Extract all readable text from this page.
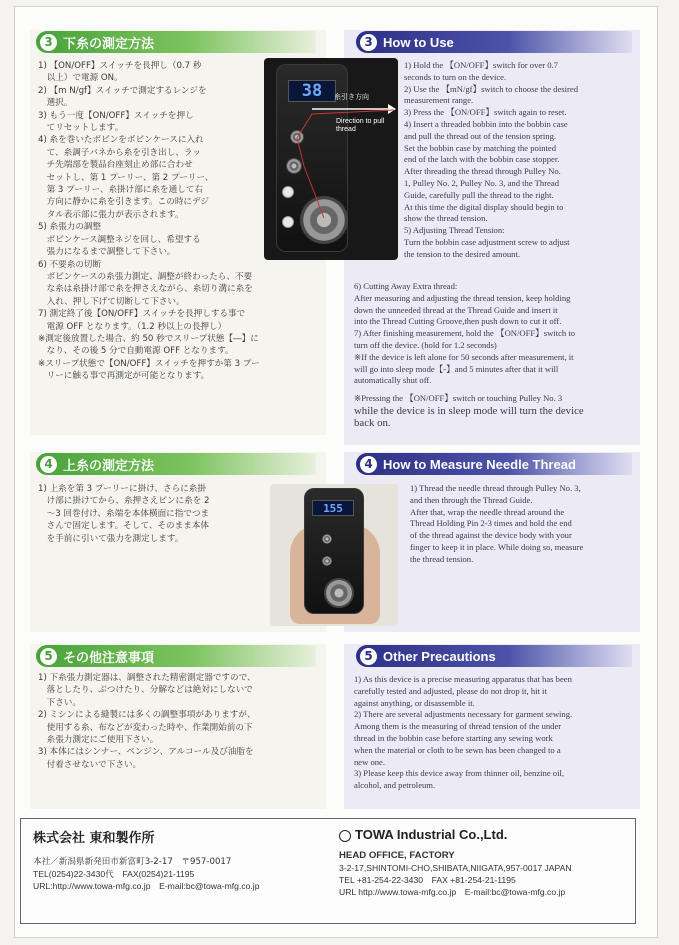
3 下糸の測定方法

1) 【ON/OFF】スイッチを長押し（0.7 秒

　以上）で電源 ON。

2) 【m N/gf】スイッチで測定するレンジを

　選択。

3) もう一度【ON/OFF】スイッチを押し

　てリセットします。

4) 糸を巻いたボビンをボビンケースに入れ

　て、糸調子バネから糸を引き出し、ラッ

　チ先端部を製品台座刻止め部に合わせ

　セットし、第 1 プーリー、第 2 プーリー、

　第 3 プーリー、糸掛け部に糸を通して右

　方向に静かに糸を引きます。この時にデジ

　タル表示部に張力が表示されます。

5) 糸張力の調整

　ボビンケース調整ネジを回し、希望する

　張力になるまで調整して下さい。

6) 不要糸の切断

　ボビンケースの糸張力測定、調整が終わったら、不要

　な糸は糸掛け部で糸を押さえながら、糸切り溝に糸を

　入れ、押し下げて切断して下さい。

7) 測定終了後【ON/OFF】スイッチを長押しする事で

　電源 OFF となります。（1.2 秒以上の長押し）

※測定後放置した場合、約 50 秒でスリープ状態【―】に

　なり、その後 5 分で自動電源 OFF となります。

※スリープ状態で【ON/OFF】スイッチを押すか第 3 プー

　リーに触る事で再測定が可能となります。

38	糸引き方向
Direction to pull thread
3 How to Use

1) Hold the 【ON/OFF】switch for over 0.7

seconds to turn on the device.

2) Use the 【mN/gf】switch to choose the desired

measurement range.

3) Press the 【ON/OFF】switch again to reset.

4) Insert a threaded bobbin into the bobbin case

and pull the thread out of the tension spring.

Set the bobbin case by matching the pointed

end of the latch with the bobbin case stopper.

After threading the thread through Pulley No.

1, Pulley No. 2, Pulley No. 3, and the Thread

Guide, carefully pull the thread to the right.

At this time the digital display should begin to

show the thread tension.

5) Adjusting Thread Tension:

Turn the bobbin case adjustment screw to adjust

the tension to the desired amount.

6) Cutting Away Extra thread:

After measuring and adjusting the thread tension, keep holding

down the unneeded thread at the Thread Guide and insert it

into the Thread Cutting Groove,then push down to cut it off.

7) After finishing measurement, hold the 【ON/OFF】switch to

turn off the device. (hold for 1.2 seconds)

※If the device is left alone for 50 seconds after measurement, it

will go into sleep mode【-】and 5 minutes after that it will

automatically shut off.

※Pressing the 【ON/OFF】switch or touching Pulley No. 3

while the device is in sleep mode will turn the device

back on.

4 上糸の測定方法

1) 上糸を第 3 プーリーに掛け、さらに糸掛

　け部に掛けてから、糸押さえピンに糸を 2

　～3 回巻付け、糸端を本体横面に指でつま

　さんで固定します。そして、そのまま本体

　を手前に引いて張力を測定します。

155
4 How to Measure Needle Thread

1) Thread the needle thread through Pulley No. 3,

and then through the Thread Guide.

After that, wrap the needle thread around the

Thread Holding Pin 2-3 times and hold the end

of the thread against the device body with your

finger to keep it in place. While doing so, measure

the thread tension.

5 その他注意事項

1) 下糸張力測定器は、調整された精密測定器ですので、

　落としたり、ぶつけたり、分解などは絶対にしないで

　下さい。

2) ミシンによる縫製には多くの調整事項がありますが、

　使用する糸、布などが変わった時や、作業開始前の下

　糸張力測定にご使用下さい。

3) 本体にはシンナー、ベンジン、アルコール及び油脂を

　付着させないで下さい。

5 Other Precautions

1) As this device is a precise measuring apparatus that has been

carefully tested and adjusted, please do not drop it, hit it

against anything, or disassemble it.

2) There are several adjustments necessary for garment sewing.

Among them is the measuring of thread tension of the under

thread in the bobbin case before starting any sewing work

when the material or cloth to be sewn has been changed to a

new one.

3) Please keep this device away from thinner oil, benzine oil,

alcohol, and petroleum.

株式会社 東和製作所
本社／新潟県新発田市新富町3-2-17　〒957-0017
TEL(0254)22-3430代　FAX(0254)21-1195
URL:http://www.towa-mfg.co.jp　E-mail:bc@towa-mfg.co.jp
TOWA Industrial Co.,Ltd.
HEAD OFFICE, FACTORY
3-2-17,SHINTOMI-CHO,SHIBATA,NIIGATA,957-0017 JAPAN
TEL +81-254-22-3430　FAX +81-254-21-1195
URL http://www.towa-mfg.co.jp　E-mail:bc@towa-mfg.co.jp
